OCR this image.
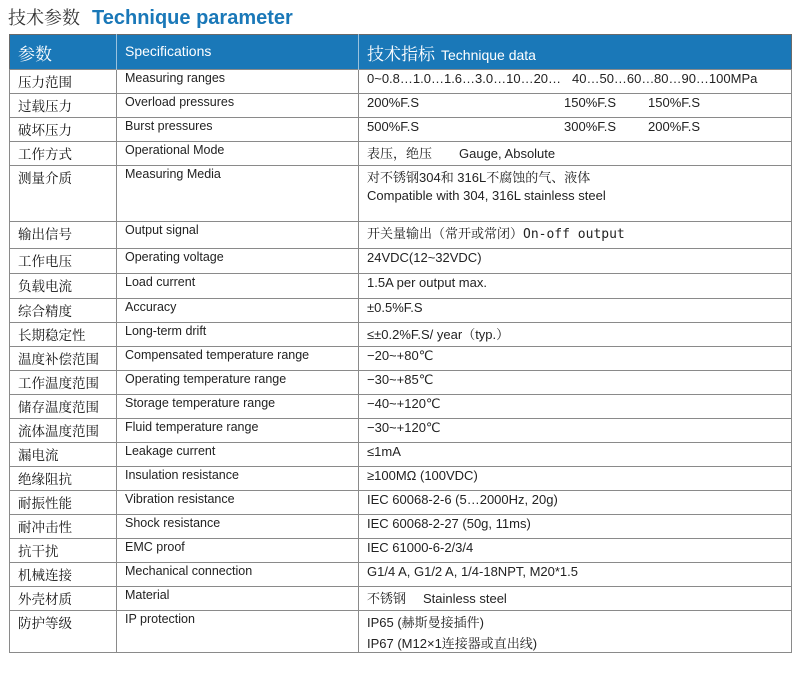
技术参数 Technique parameter
参数	Specifications	技术指标 Technique data
压力范围	Measuring ranges	0~0.8…1.0…1.6…3.0…10…20… 40…50…60…80…90…100MPa
过载压力	Overload pressures	200%F.S 150%F.S 150%F.S
破坏压力	Burst pressures	500%F.S 300%F.S 200%F.S
工作方式	Operational Mode	表压，绝压 Gauge, Absolute
测量介质	Measuring Media	对不锈钢304和 316L不腐蚀的气、液体
Compatible with 304, 316L stainless steel

输出信号	Output signal	开关量输出（常开或常闭）On-off output
工作电压	Operating voltage	24VDC(12~32VDC)
负载电流	Load current	1.5A per output max.
综合精度	Accuracy	±0.5%F.S
长期稳定性	Long-term drift	≤±0.2%F.S/ year（typ.）
温度补偿范围	Compensated temperature range	−20~+80℃
工作温度范围	Operating temperature range	−30~+85℃
储存温度范围	Storage temperature range	−40~+120℃
流体温度范围	Fluid temperature range	−30~+120℃
漏电流	Leakage current	≤1mA
绝缘阻抗	Insulation resistance	≥100MΩ (100VDC)
耐振性能	Vibration resistance	IEC 60068-2-6 (5…2000Hz, 20g)
耐冲击性	Shock resistance	IEC 60068-2-27 (50g, 11ms)
抗干扰	EMC proof	IEC 61000-6-2/3/4
机械连接	Mechanical connection	G1/4 A, G1/2 A, 1/4-18NPT, M20*1.5
外壳材质	Material	不锈钢 Stainless steel
防护等级	IP protection	IP65 (赫斯曼接插件)
IP67 (M12×1连接器或直出线)
